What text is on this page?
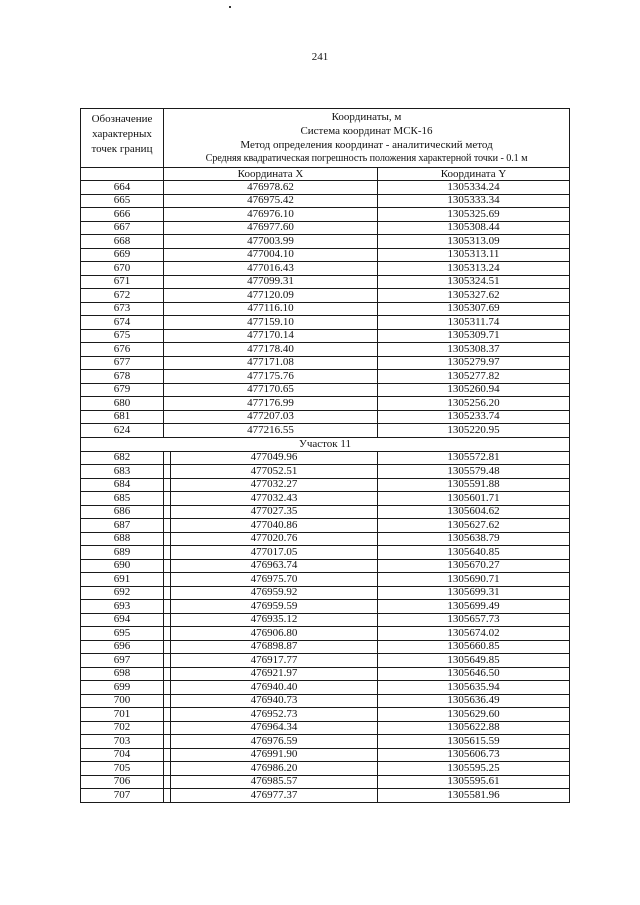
241
Обозначение характерных точек границ	Координаты, м
Система координат МСК-16
Метод определения координат - аналитический метод
Средняя квадратическая погрешность положения характерной точки - 0.1 м		

	Координата X		Координата Y
664	476978.62		1305334.24
665	476975.42		1305333.34
666	476976.10		1305325.69
667	476977.60		1305308.44
668	477003.99		1305313.09
669	477004.10		1305313.11
670	477016.43		1305313.24
671	477099.31		1305324.51
672	477120.09		1305327.62
673	477116.10		1305307.69
674	477159.10		1305311.74
675	477170.14		1305309.71
676	477178.40		1305308.37
677	477171.08		1305279.97
678	477175.76		1305277.82
679	477170.65		1305260.94
680	477176.99		1305256.20
681	477207.03		1305233.74
624	477216.55		1305220.95
Участок 11			
682		477049.96	1305572.81
683		477052.51	1305579.48
684		477032.27	1305591.88
685		477032.43	1305601.71
686		477027.35	1305604.62
687		477040.86	1305627.62
688		477020.76	1305638.79
689		477017.05	1305640.85
690		476963.74	1305670.27
691		476975.70	1305690.71
692		476959.92	1305699.31
693		476959.59	1305699.49
694		476935.12	1305657.73
695		476906.80	1305674.02
696		476898.87	1305660.85
697		476917.77	1305649.85
698		476921.97	1305646.50
699		476940.40	1305635.94
700		476940.73	1305636.49
701		476952.73	1305629.60
702		476964.34	1305622.88
703		476976.59	1305615.59
704		476991.90	1305606.73
705		476986.20	1305595.25
706		476985.57	1305595.61
707		476977.37	1305581.96
